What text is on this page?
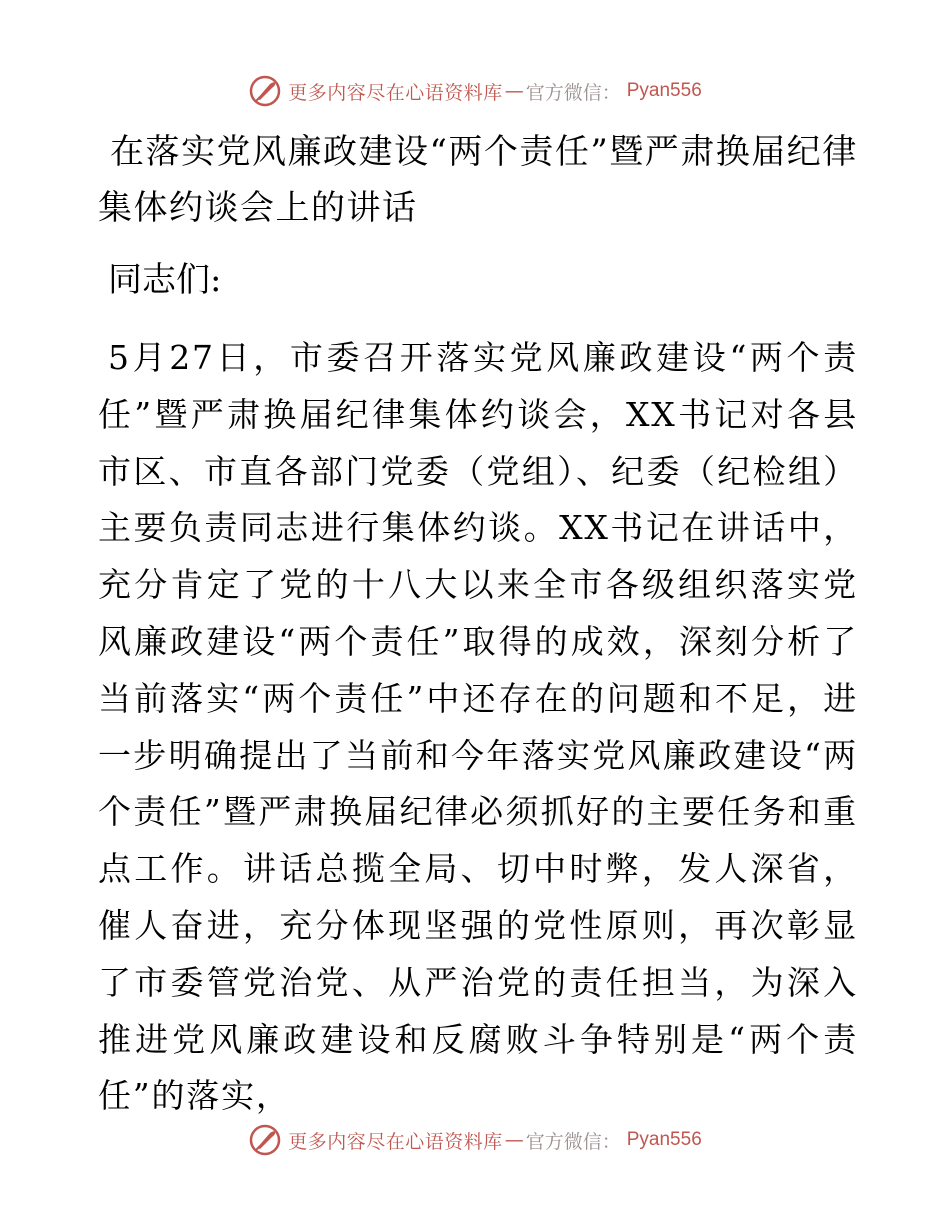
更多内容尽在心语资料库 — 官方微信： Pyan556
在落实党风廉政建设“两个责任”暨严肃换届纪律集体约谈会上的讲话

同志们:

5月27日，市委召开落实党风廉政建设“两个责任”暨严肃换届纪律集体约谈会，XX书记对各县市区、市直各部门党委（党组）、纪委（纪检组）主要负责同志进行集体约谈。XX书记在讲话中，充分肯定了党的十八大以来全市各级组织落实党风廉政建设“两个责任”取得的成效，深刻分析了当前落实“两个责任”中还存在的问题和不足，进一步明确提出了当前和今年落实党风廉政建设“两个责任”暨严肃换届纪律必须抓好的主要任务和重点工作。讲话总揽全局、切中时弊，发人深省，催人奋进，充分体现坚强的党性原则，再次彰显了市委管党治党、从严治党的责任担当，为深入推进党风廉政建设和反腐败斗争特别是“两个责任”的落实，

更多内容尽在心语资料库 — 官方微信： Pyan556
